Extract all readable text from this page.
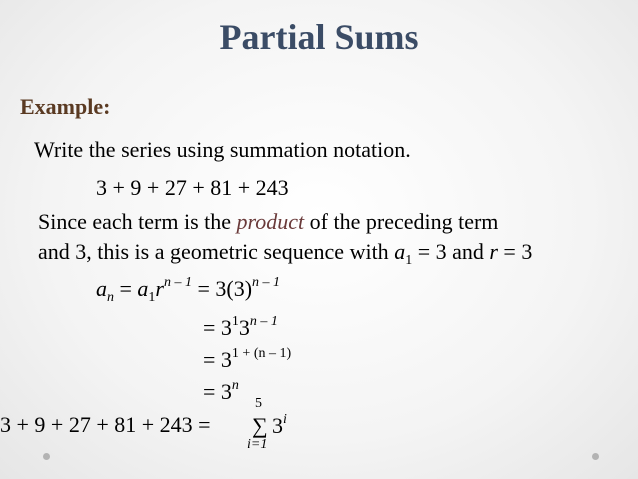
Partial Sums
Example:
Write the series using summation notation.
3 + 9 + 27 + 81 + 243
Since each term is the product of the preceding term
and 3, this is a geometric sequence with $a_1 = 3$ and r = 3
$a_n = a_1r^{n - 1} = 3(3)^{n - 1}$
= $3^13^{n - 1}$
= $3^{1 + (n - 1)}$
= $3^n$
3 + 9 + 27 + 81 + 243 =
5
∑
i=1
3$^i$
